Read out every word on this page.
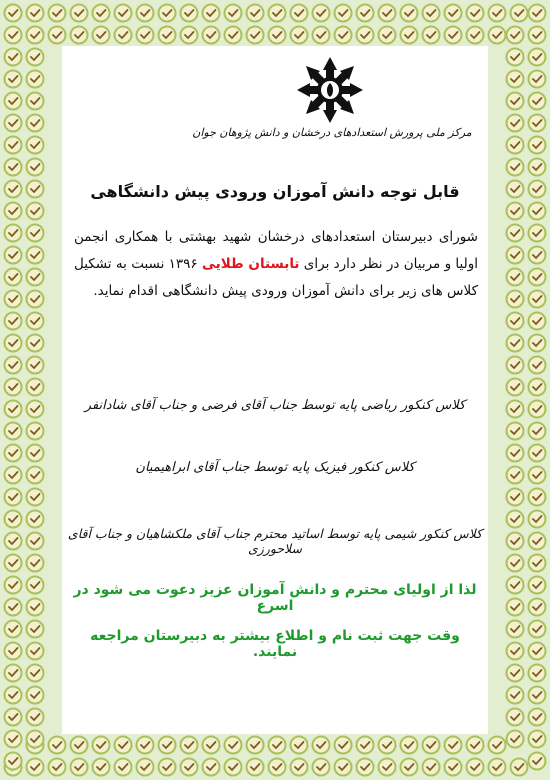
مرکز ملی پرورش استعدادهای درخشان و دانش پژوهان جوان
قابل توجه دانش آموزان ورودی پیش دانشگاهی
شورای دبیرستان استعدادهای درخشان شهید بهشتی با همکاری انجمن اولیا و مربیان در نظر دارد برای تابستان طلایی ۱۳۹۶ نسبت به تشکیل کلاس های زیر برای دانش آموزان ورودی پیش دانشگاهی اقدام نماید.
کلاس کنکور ریاضی پایه توسط جناب آقای فرضی و جناب آقای شادانفر
کلاس کنکور فیزیک پایه توسط جناب آقای ابراهیمیان
کلاس کنکور شیمی پایه توسط اساتید محترم جناب آقای ملکشاهیان و جناب آقای سلاحورزی
لذا از اولیای محترم و دانش آموزان عزیز دعوت می شود در اسرع
وقت جهت ثبت نام و اطلاع بیشتر به دبیرستان مراجعه نمایند.
